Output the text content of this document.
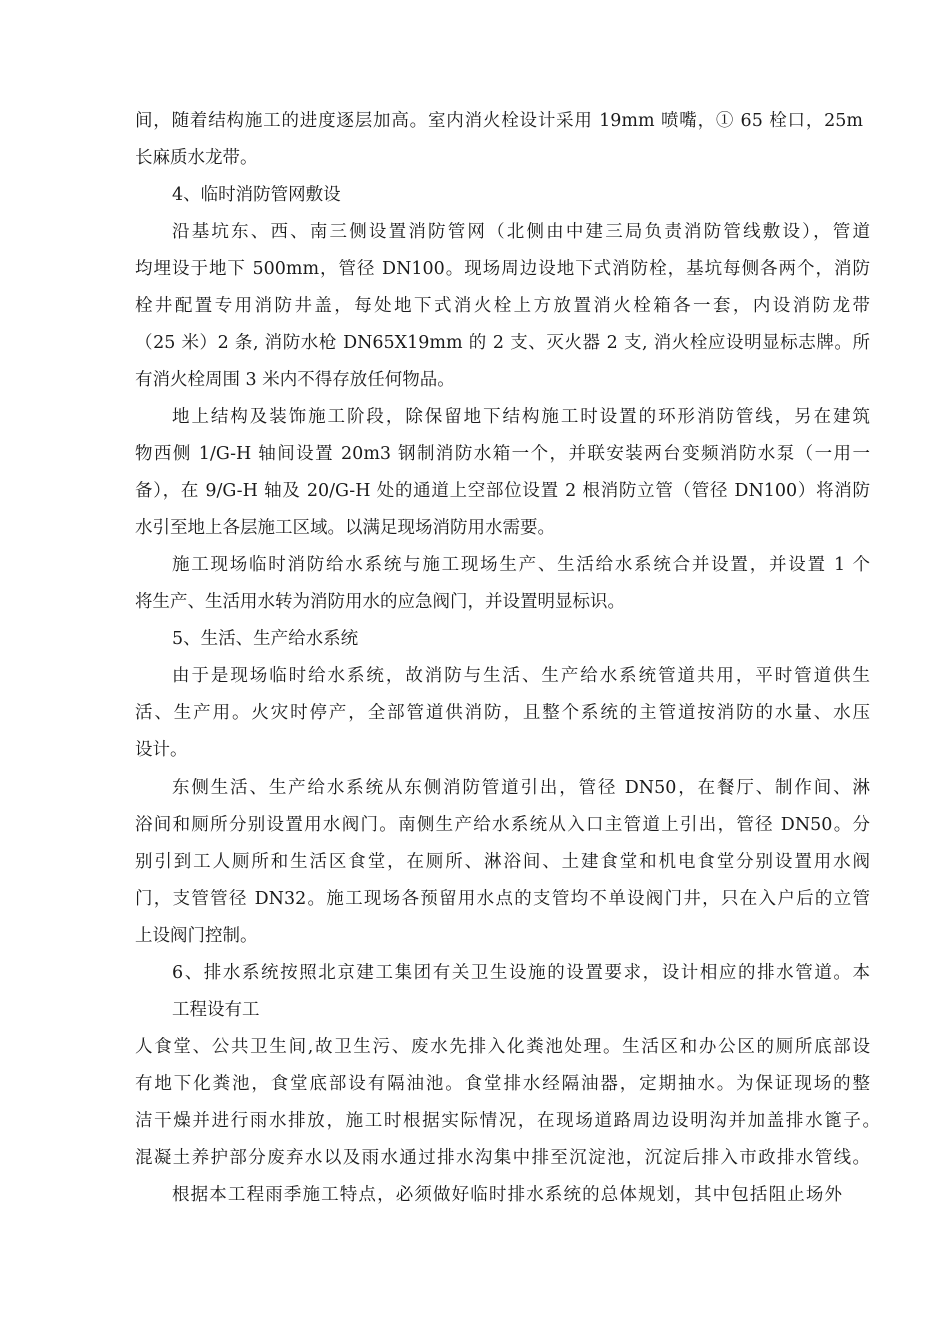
间，随着结构施工的进度逐层加高。室内消火栓设计采用 19mm 喷嘴，① 65 栓口，25m
长麻质水龙带。
4、临时消防管网敷设
沿基坑东、西、南三侧设置消防管网（北侧由中建三局负责消防管线敷设），管道
均埋设于地下 500mm，管径 DN100。现场周边设地下式消防栓，基坑每侧各两个，消防
栓井配置专用消防井盖，每处地下式消火栓上方放置消火栓箱各一套，内设消防龙带
（25 米）2 条, 消防水枪 DN65X19mm 的 2 支、灭火器 2 支, 消火栓应设明显标志牌。所
有消火栓周围 3 米内不得存放任何物品。
地上结构及装饰施工阶段，除保留地下结构施工时设置的环形消防管线，另在建筑
物西侧 1/G-H 轴间设置 20m3 钢制消防水箱一个，并联安装两台变频消防水泵（一用一
备），在 9/G-H 轴及 20/G-H 处的通道上空部位设置 2 根消防立管（管径 DN100）将消防
水引至地上各层施工区域。以满足现场消防用水需要。
施工现场临时消防给水系统与施工现场生产、生活给水系统合并设置，并设置 1 个
将生产、生活用水转为消防用水的应急阀门，并设置明显标识。
5、生活、生产给水系统
由于是现场临时给水系统，故消防与生活、生产给水系统管道共用，平时管道供生
活、生产用。火灾时停产，全部管道供消防，且整个系统的主管道按消防的水量、水压
设计。
东侧生活、生产给水系统从东侧消防管道引出，管径 DN50，在餐厅、制作间、淋
浴间和厕所分别设置用水阀门。南侧生产给水系统从入口主管道上引出，管径 DN50。分
别引到工人厕所和生活区食堂，在厕所、淋浴间、土建食堂和机电食堂分别设置用水阀
门，支管管径 DN32。施工现场各预留用水点的支管均不单设阀门井，只在入户后的立管
上设阀门控制。
6、排水系统按照北京建工集团有关卫生设施的设置要求，设计相应的排水管道。本
工程设有工
人食堂、公共卫生间,故卫生污、废水先排入化粪池处理。生活区和办公区的厕所底部设
有地下化粪池，食堂底部设有隔油池。食堂排水经隔油器，定期抽水。为保证现场的整
洁干燥并进行雨水排放，施工时根据实际情况，在现场道路周边设明沟并加盖排水篦子。
混凝土养护部分废弃水以及雨水通过排水沟集中排至沉淀池，沉淀后排入市政排水管线。
根据本工程雨季施工特点，必须做好临时排水系统的总体规划，其中包括阻止场外
